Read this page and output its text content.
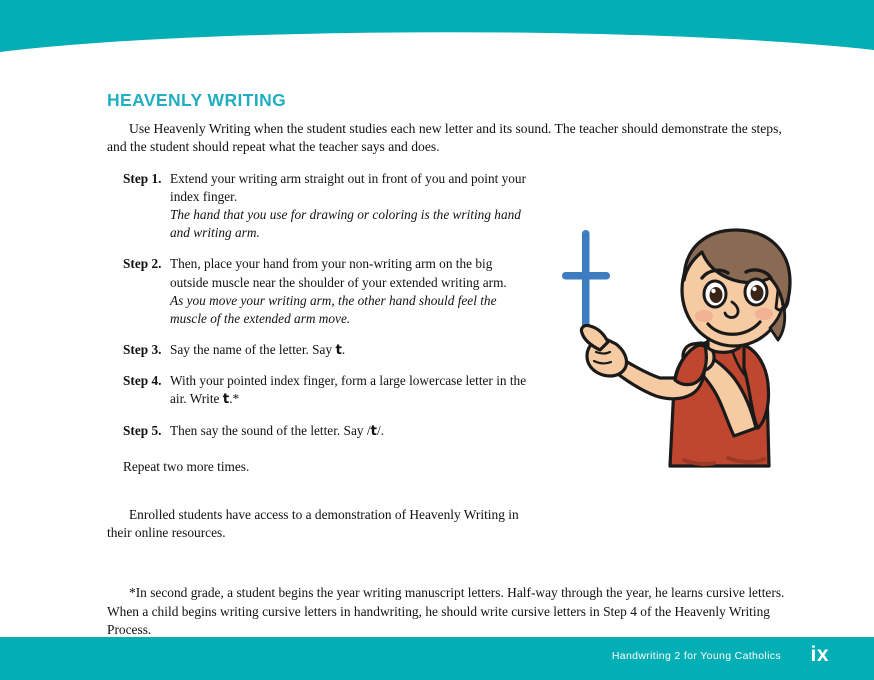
HEAVENLY WRITING

Use Heavenly Writing when the student studies each new letter and its sound. The teacher should demonstrate the steps, and the student should repeat what the teacher says and does.

Step 1. Extend your writing arm straight out in front of you and point your index finger.
The hand that you use for drawing or coloring is the writing hand and writing arm.
Step 2. Then, place your hand from your non-writing arm on the big outside muscle near the shoulder of your extended writing arm.
As you move your writing arm, the other hand should feel the muscle of the extended arm move.
Step 3. Say the name of the letter. Say t.
Step 4. With your pointed index finger, form a large lowercase letter in the air. Write t.*
Step 5. Then say the sound of the letter. Say /t/.
Repeat two more times.

Enrolled students have access to a demonstration of Heavenly Writing in their online resources.

*In second grade, a student begins the year writing manuscript letters. Half-way through the year, he learns cursive letters. When a child begins writing cursive letters in handwriting, he should write cursive letters in Step 4 of the Heavenly Writing Process.

Handwriting 2 for Young Catholics ix
